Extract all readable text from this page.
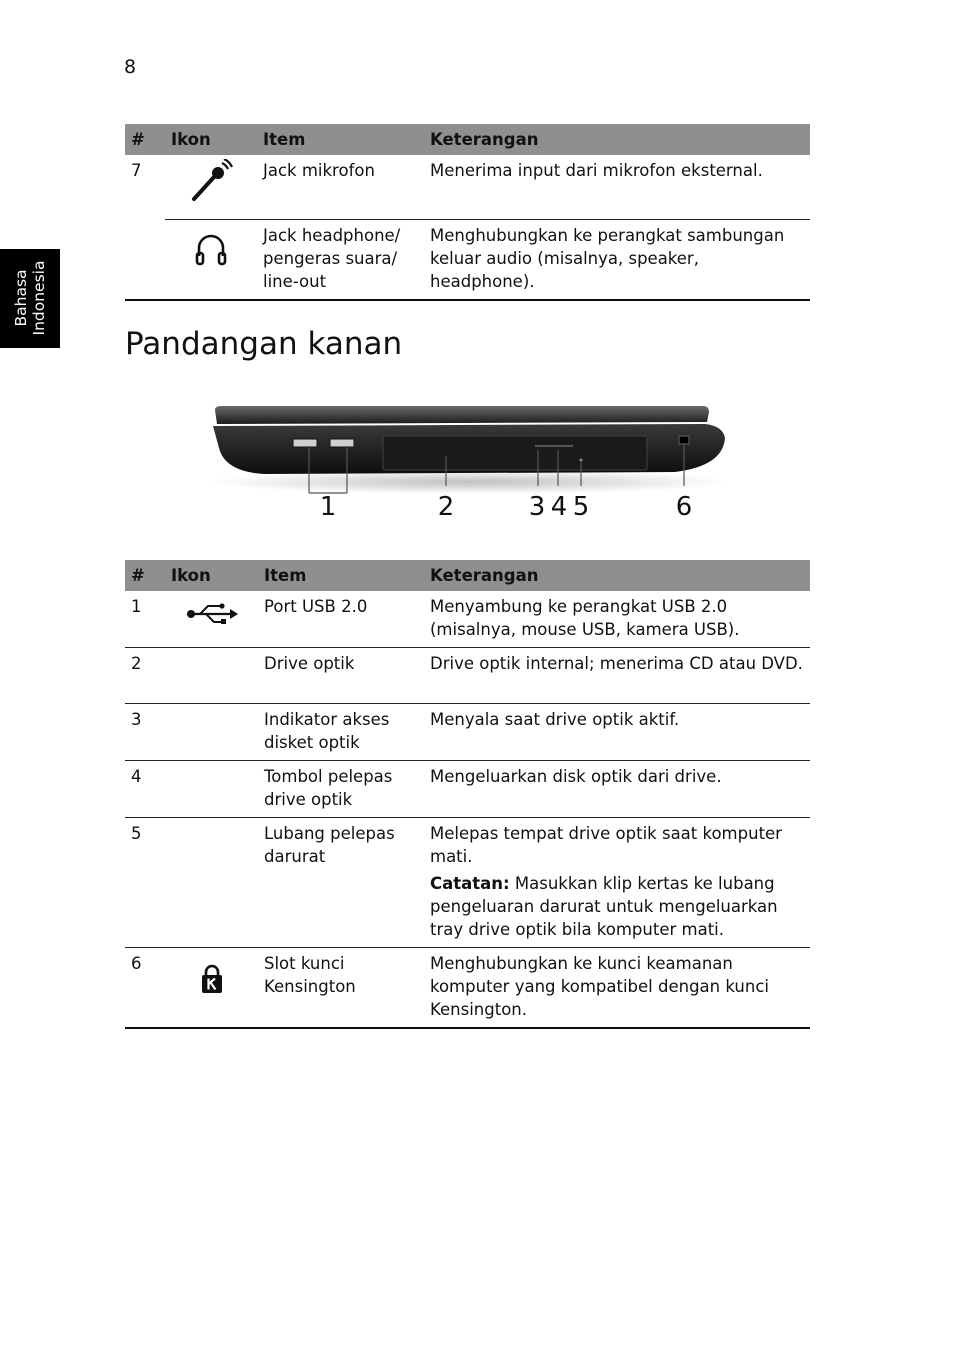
8
Bahasa
Indonesia
#	Ikon	Item	Keterangan
7		Jack mikrofon	Menerima input dari mikrofon eksternal.
		Jack headphone/ pengeras suara/ line-out	Menghubungkan ke perangkat sambungan keluar audio (misalnya, speaker, headphone).
Pandangan kanan
1	2	3 4 5	6
#	Ikon	Item	Keterangan
1		Port USB 2.0	Menyambung ke perangkat USB 2.0 (misalnya, mouse USB, kamera USB).
2		Drive optik	Drive optik internal; menerima CD atau DVD.
3		Indikator akses disket optik	Menyala saat drive optik aktif.
4		Tombol pelepas drive optik	Mengeluarkan disk optik dari drive.
5		Lubang pelepas darurat	Melepas tempat drive optik saat komputer mati.

Catatan: Masukkan klip kertas ke lubang pengeluaran darurat untuk mengeluarkan tray drive optik bila komputer mati.

6		Slot kunci Kensington	Menghubungkan ke kunci keamanan komputer yang kompatibel dengan kunci Kensington.
